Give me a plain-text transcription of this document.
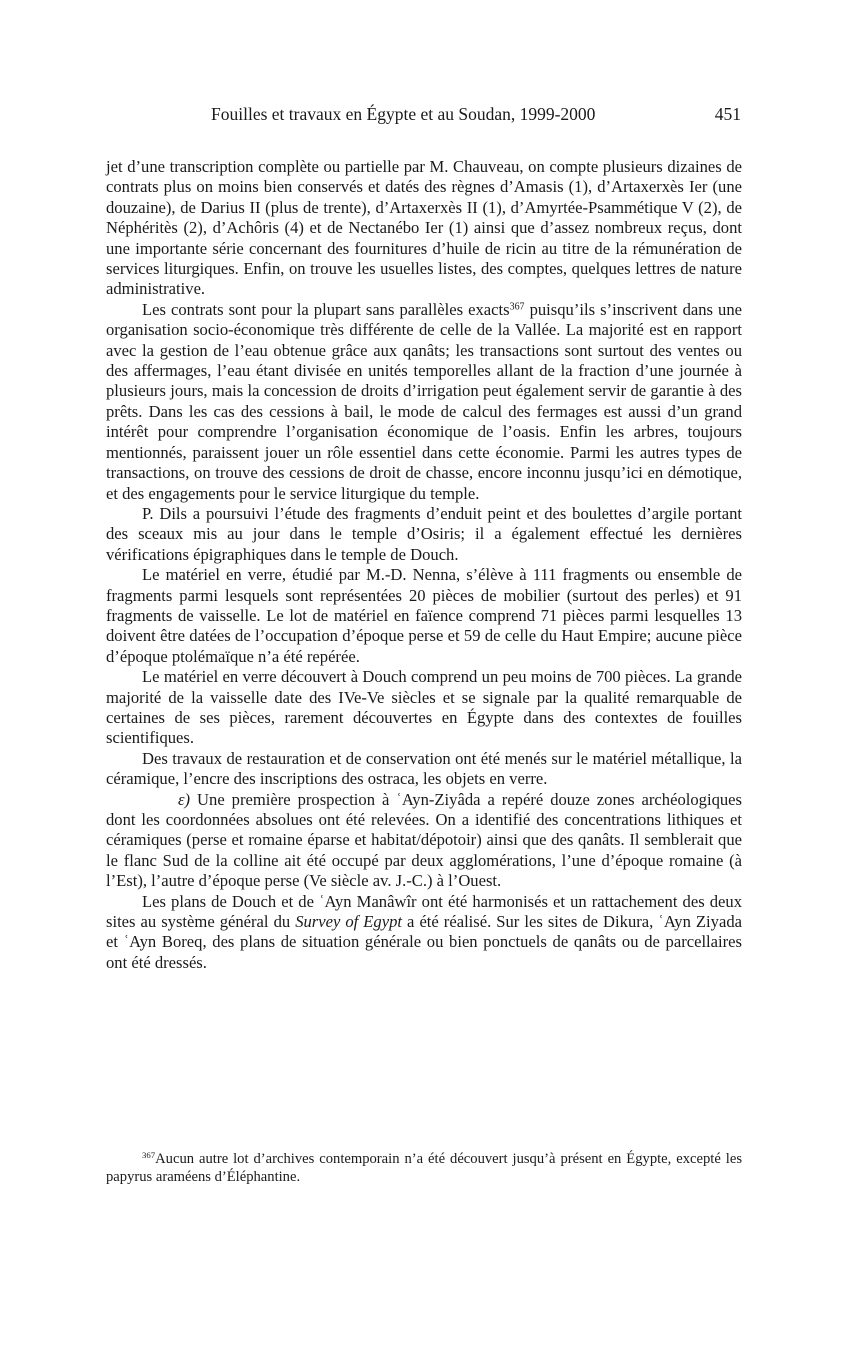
Fouilles et travaux en Égypte et au Soudan, 1999-2000	451

jet d’une transcription complète ou partielle par M. Chauveau, on compte plusieurs dizaines de contrats plus on moins bien conservés et datés des règnes d’Amasis (1), d’Artaxerxès Ier (une douzaine), de Darius II (plus de trente), d’Artaxerxès II (1), d’Amyrtée-Psammétique V (2), de Néphéritès (2), d’Achôris (4) et de Nectanébo Ier (1) ainsi que d’assez nombreux reçus, dont une importante série concernant des fournitures d’huile de ricin au titre de la rémunération de services liturgiques. Enfin, on trouve les usuelles listes, des comptes, quelques lettres de nature administrative.

Les contrats sont pour la plupart sans parallèles exacts$^{367}$ puisqu’ils s’inscrivent dans une organisation socio-économique très différente de celle de la Vallée. La majorité est en rapport avec la gestion de l’eau obtenue grâce aux qanâts; les transactions sont surtout des ventes ou des affermages, l’eau étant divisée en unités temporelles allant de la fraction d’une journée à plusieurs jours, mais la concession de droits d’irrigation peut également servir de garantie à des prêts. Dans les cas des cessions à bail, le mode de calcul des fermages est aussi d’un grand intérêt pour comprendre l’organisation économique de l’oasis. Enfin les arbres, toujours mentionnés, paraissent jouer un rôle essentiel dans cette économie. Parmi les autres types de transactions, on trouve des cessions de droit de chasse, encore inconnu jusqu’ici en démotique, et des engagements pour le service liturgique du temple.

P. Dils a poursuivi l’étude des fragments d’enduit peint et des boulettes d’argile portant des sceaux mis au jour dans le temple d’Osiris; il a également effectué les dernières vérifications épigraphiques dans le temple de Douch.

Le matériel en verre, étudié par M.-D. Nenna, s’élève à 111 fragments ou ensemble de fragments parmi lesquels sont représentées 20 pièces de mobilier (surtout des perles) et 91 fragments de vaisselle. Le lot de matériel en faïence comprend 71 pièces parmi lesquelles 13 doivent être datées de l’occupation d’époque perse et 59 de celle du Haut Empire; aucune pièce d’époque ptolémaïque n’a été repérée.

Le matériel en verre découvert à Douch comprend un peu moins de 700 pièces. La grande majorité de la vaisselle date des IVe-Ve siècles et se signale par la qualité remarquable de certaines de ses pièces, rarement découvertes en Égypte dans des contextes de fouilles scientifiques.

Des travaux de restauration et de conservation ont été menés sur le matériel métallique, la céramique, l’encre des inscriptions des ostraca, les objets en verre.

ε) Une première prospection à ʿAyn-Ziyâda a repéré douze zones archéologiques dont les coordonnées absolues ont été relevées. On a identifié des concentrations lithiques et céramiques (perse et romaine éparse et habitat/dépotoir) ainsi que des qanâts. Il semblerait que le flanc Sud de la colline ait été occupé par deux agglomérations, l’une d’époque romaine (à l’Est), l’autre d’époque perse (Ve siècle av. J.-C.) à l’Ouest.

Les plans de Douch et de ʿAyn Manâwîr ont été harmonisés et un rattachement des deux sites au système général du Survey of Egypt a été réalisé. Sur les sites de Dikura, ʿAyn Ziyada et ʿAyn Boreq, des plans de situation générale ou bien ponctuels de qanâts ou de parcellaires ont été dressés.

$^{367}$Aucun autre lot d’archives contemporain n’a été découvert jusqu’à présent en Égypte, excepté les papyrus araméens d’Éléphantine.
